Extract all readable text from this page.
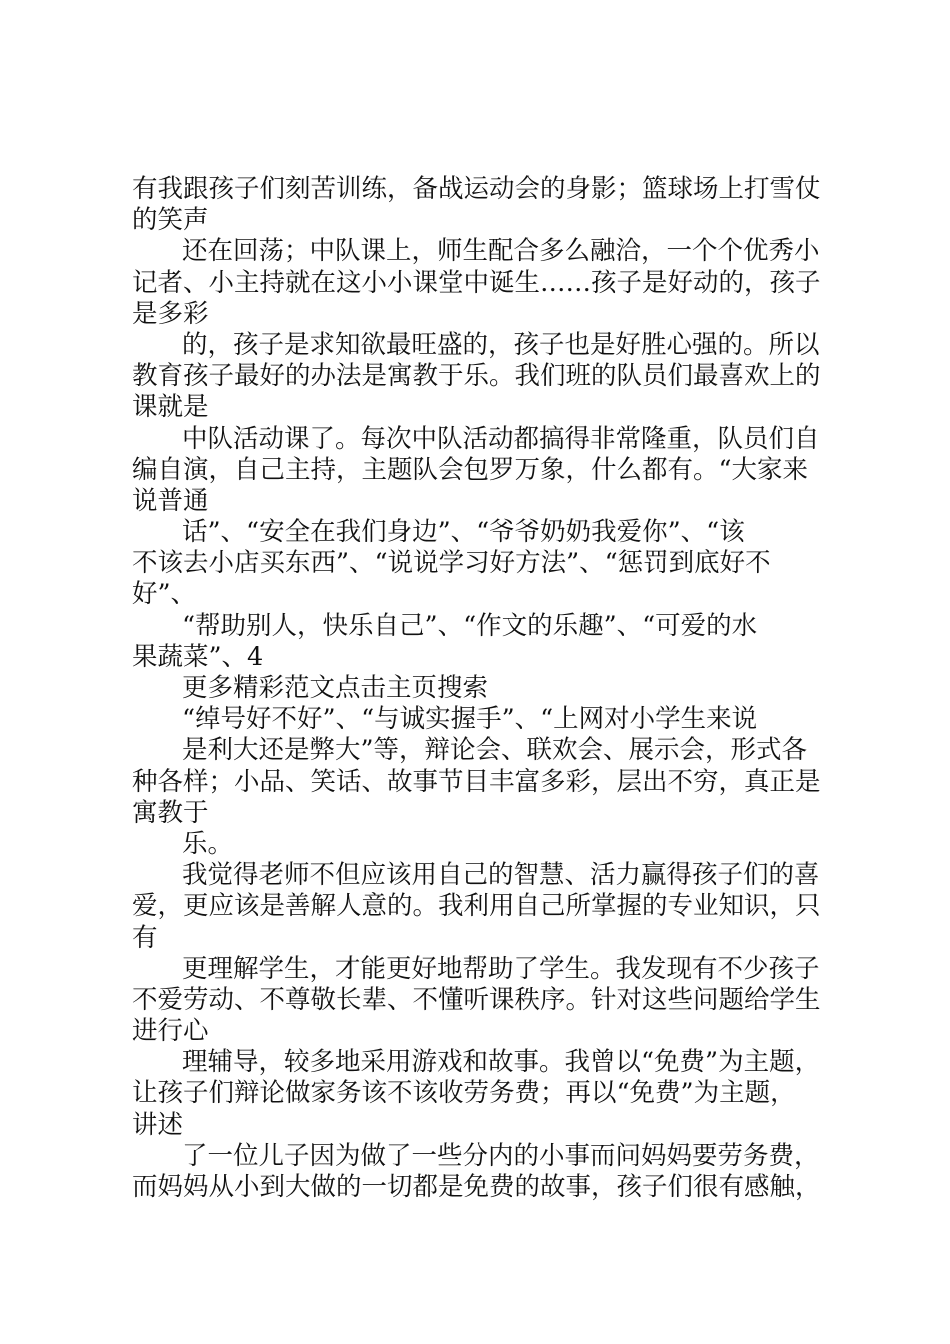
有我跟孩子们刻苦训练，备战运动会的身影；篮球场上打雪仗
的笑声
还在回荡；中队课上，师生配合多么融洽，一个个优秀小
记者、小主持就在这小小课堂中诞生……孩子是好动的，孩子
是多彩
的，孩子是求知欲最旺盛的，孩子也是好胜心强的。所以
教育孩子最好的办法是寓教于乐。我们班的队员们最喜欢上的
课就是
中队活动课了。每次中队活动都搞得非常隆重，队员们自
编自演，自己主持，主题队会包罗万象，什么都有。“大家来
说普通
话”、“安全在我们身边”、“爷爷奶奶我爱你”、“该
不该去小店买东西”、“说说学习好方法”、“惩罚到底好不
好”、
“帮助别人，快乐自己”、“作文的乐趣”、“可爱的水
果蔬菜”、4
更多精彩范文点击主页搜索
“绰号好不好”、“与诚实握手”、“上网对小学生来说
是利大还是弊大”等，辩论会、联欢会、展示会，形式各
种各样；小品、笑话、故事节目丰富多彩，层出不穷，真正是
寓教于
乐。
我觉得老师不但应该用自己的智慧、活力赢得孩子们的喜
爱，更应该是善解人意的。我利用自己所掌握的专业知识，只
有
更理解学生，才能更好地帮助了学生。我发现有不少孩子
不爱劳动、不尊敬长辈、不懂听课秩序。针对这些问题给学生
进行心
理辅导，较多地采用游戏和故事。我曾以“免费”为主题，
让孩子们辩论做家务该不该收劳务费；再以“免费”为主题，
讲述
了一位儿子因为做了一些分内的小事而问妈妈要劳务费，
而妈妈从小到大做的一切都是免费的故事，孩子们很有感触，
